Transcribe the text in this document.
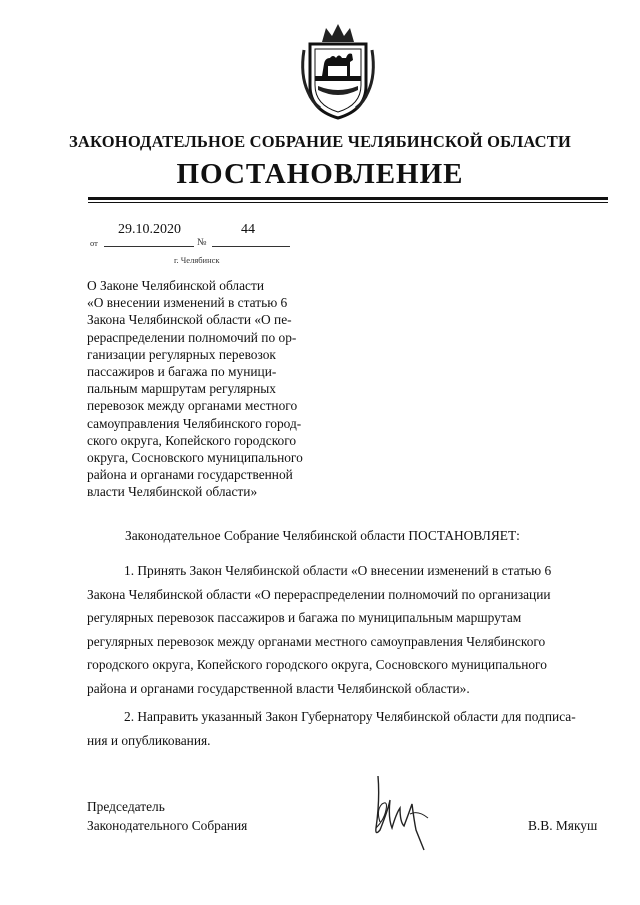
ЗАКОНОДАТЕЛЬНОЕ СОБРАНИЕ ЧЕЛЯБИНСКОЙ ОБЛАСТИ
ПОСТАНОВЛЕНИЕ
29.10.2020	44
от	№
г. Челябинск
О Законе Челябинской области
«О внесении изменений в статью 6
Закона Челябинской области «О пе-
рераспределении полномочий по ор-
ганизации регулярных перевозок
пассажиров и багажа по муници-
пальным маршрутам регулярных
перевозок между органами местного
самоуправления Челябинского город-
ского округа, Копейского городского
округа, Сосновского муниципального
района и органами государственной
власти Челябинской области»
Законодательное Собрание Челябинской области ПОСТАНОВЛЯЕТ:
1. Принять Закон Челябинской области «О внесении изменений в статью 6
Закона Челябинской области «О перераспределении полномочий по организации
регулярных перевозок пассажиров и багажа по муниципальным маршрутам
регулярных перевозок между органами местного самоуправления Челябинского
городского округа, Копейского городского округа, Сосновского муниципального
района и органами государственной власти Челябинской области».
2. Направить указанный Закон Губернатору Челябинской области для подписа-
ния и опубликования.
Председатель
Законодательного Собрания	В.В. Мякуш
